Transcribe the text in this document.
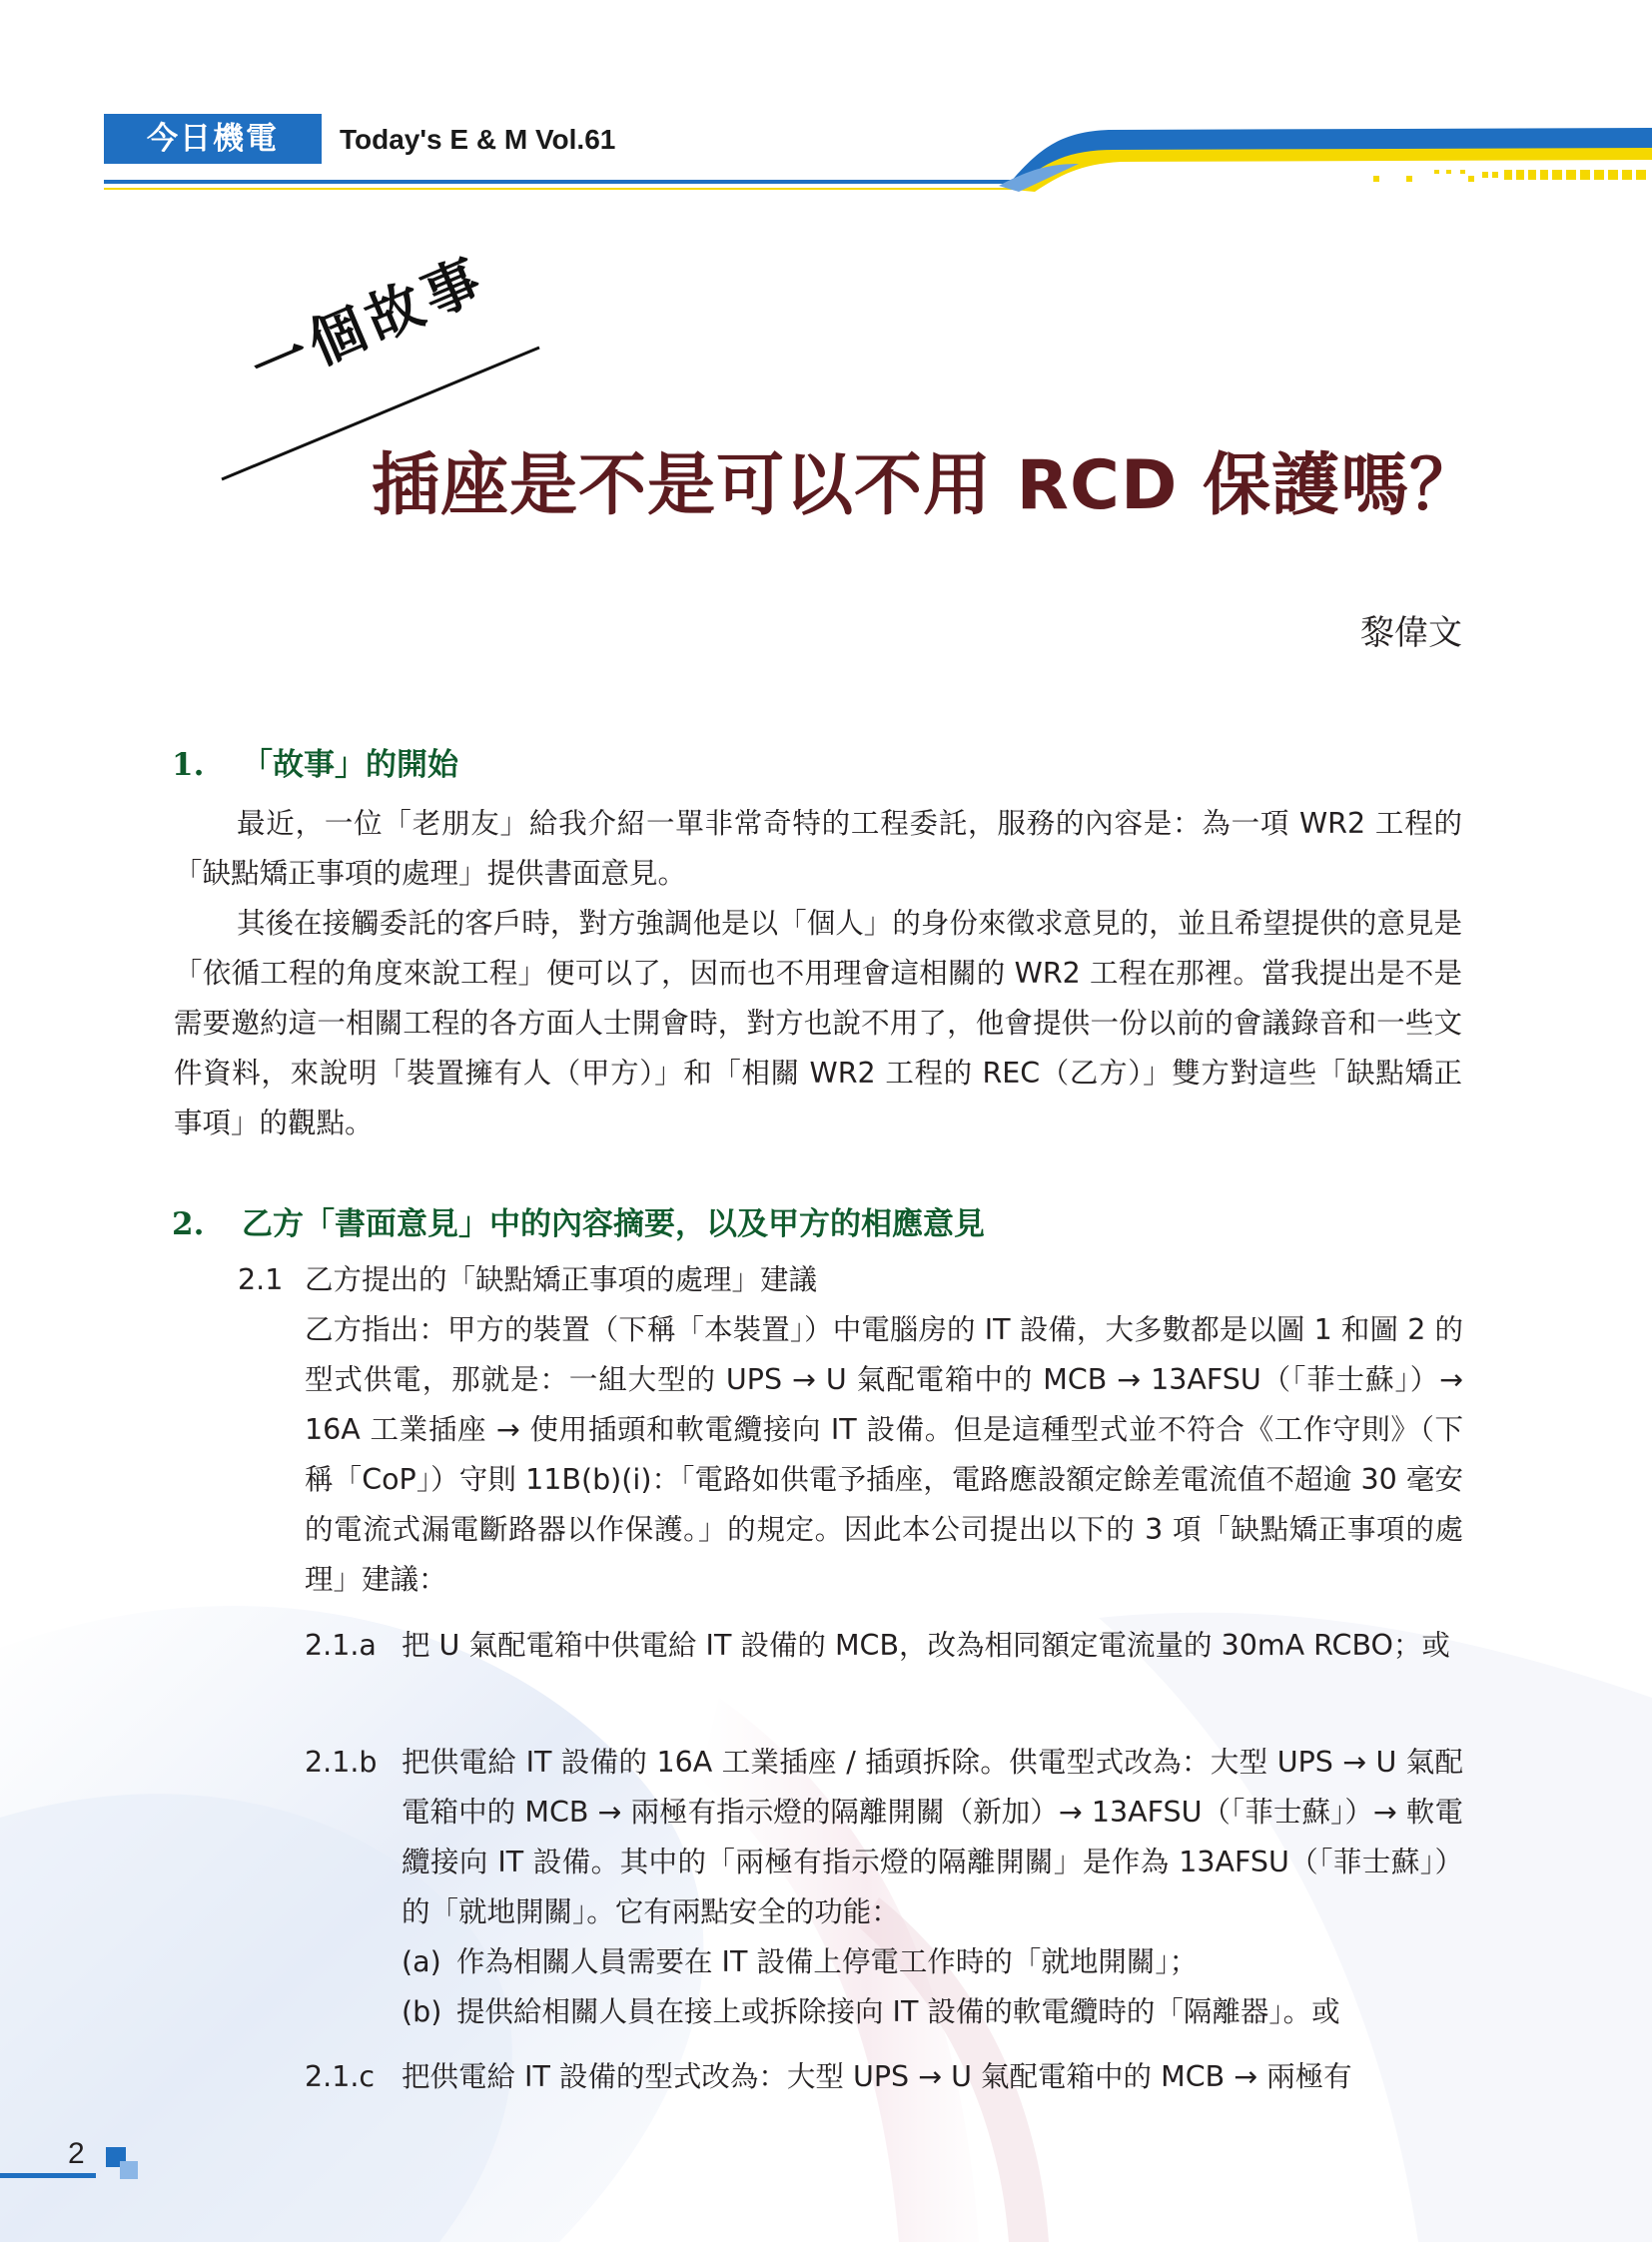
今日機電	Today's E & M Vol.61
一個故事
插座是不是可以不用 RCD 保護嗎？
黎偉文
1. 「故事」的開始
最近，一位「老朋友」給我介紹一單非常奇特的工程委託，服務的內容是：為一項 WR2 工程的「缺點矯正事項的處理」提供書面意見。
其後在接觸委託的客戶時，對方強調他是以「個人」的身份來徵求意見的，並且希望提供的意見是「依循工程的角度來說工程」便可以了，因而也不用理會這相關的 WR2 工程在那裡。當我提出是不是需要邀約這一相關工程的各方面人士開會時，對方也說不用了，他會提供一份以前的會議錄音和一些文件資料，來說明「裝置擁有人（甲方）」和「相關 WR2 工程的 REC（乙方）」雙方對這些「缺點矯正事項」的觀點。
2. 乙方「書面意見」中的內容摘要，以及甲方的相應意見
2.1 乙方提出的「缺點矯正事項的處理」建議
乙方指出：甲方的裝置（下稱「本裝置」）中電腦房的 IT 設備，大多數都是以圖 1 和圖 2 的型式供電，那就是：一組大型的 UPS → U 氣配電箱中的 MCB → 13AFSU（「菲士蘇」）→ 16A 工業插座 → 使用插頭和軟電纜接向 IT 設備。但是這種型式並不符合《工作守則》（下稱「CoP」）守則 11B(b)(i)：「電路如供電予插座，電路應設額定餘差電流值不超逾 30 毫安的電流式漏電斷路器以作保護。」的規定。因此本公司提出以下的 3 項「缺點矯正事項的處理」建議：
2.1.a 把 U 氣配電箱中供電給 IT 設備的 MCB，改為相同額定電流量的 30mA RCBO；或
2.1.b 把供電給 IT 設備的 16A 工業插座 / 插頭拆除。供電型式改為：大型 UPS → U 氣配電箱中的 MCB → 兩極有指示燈的隔離開關（新加）→ 13AFSU（「菲士蘇」）→ 軟電纜接向 IT 設備。其中的「兩極有指示燈的隔離開關」是作為 13AFSU（「菲士蘇」）的「就地開關」。它有兩點安全的功能：
(a) 作為相關人員需要在 IT 設備上停電工作時的「就地開關」；
(b) 提供給相關人員在接上或拆除接向 IT 設備的軟電纜時的「隔離器」。或
2.1.c 把供電給 IT 設備的型式改為：大型 UPS → U 氣配電箱中的 MCB → 兩極有
2
